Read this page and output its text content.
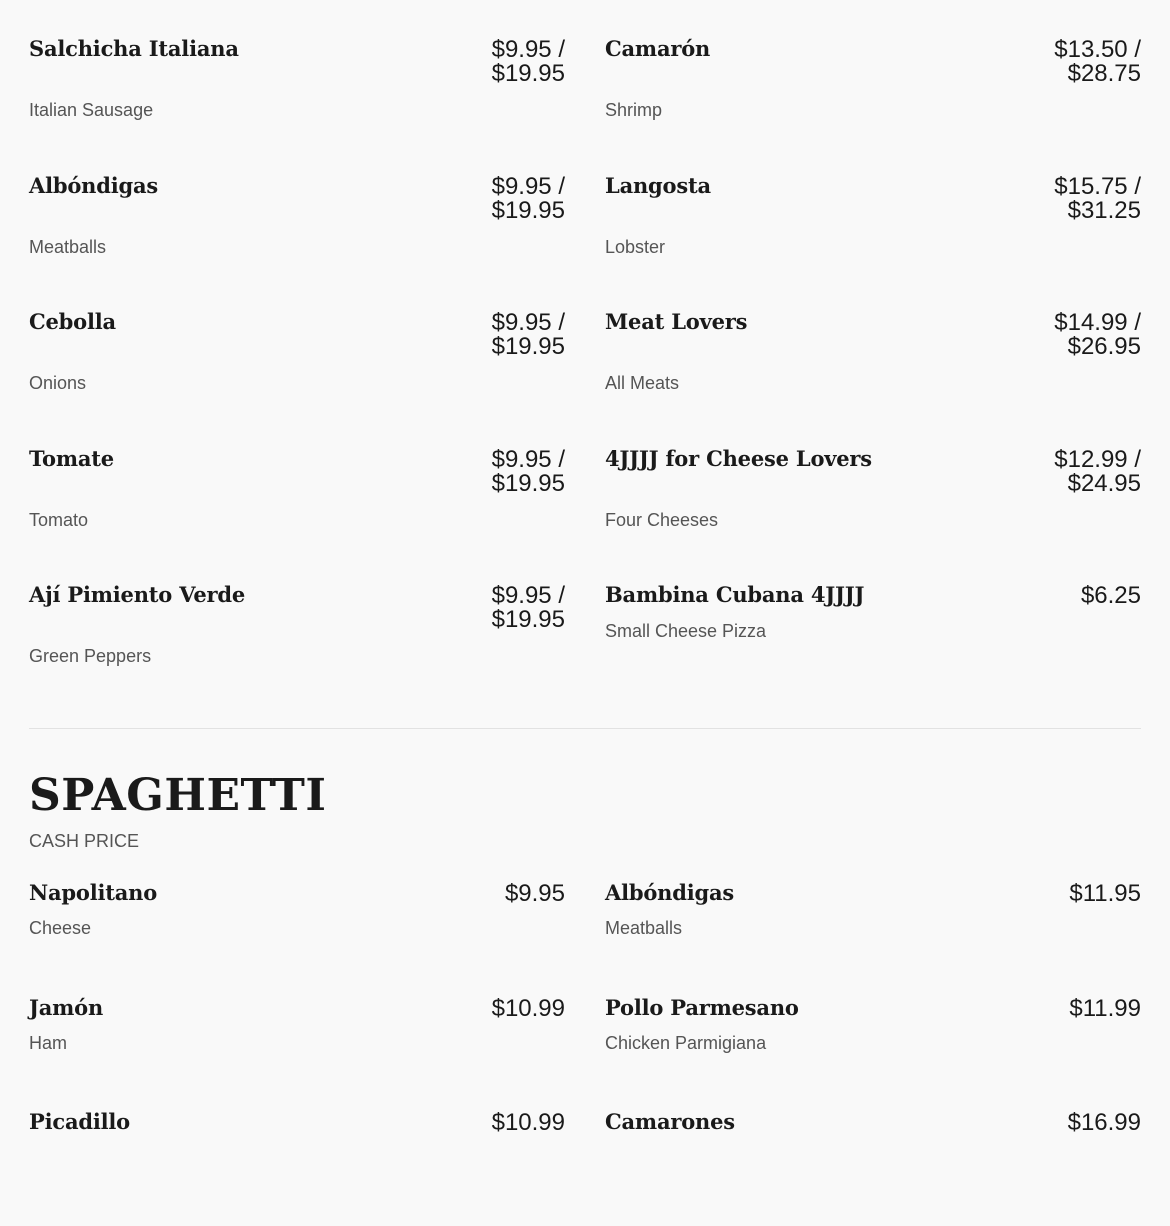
Salchicha Italiana	$9.95 /
$19.95
Italian Sausage
Camarón	$13.50 /
$28.75
Shrimp
Albóndigas	$9.95 /
$19.95
Meatballs
Langosta	$15.75 /
$31.25
Lobster
Cebolla	$9.95 /
$19.95
Onions
Meat Lovers	$14.99 /
$26.95
All Meats
Tomate	$9.95 /
$19.95
Tomato
4JJJJ for Cheese Lovers	$12.99 /
$24.95
Four Cheeses
Ají Pimiento Verde	$9.95 /
$19.95
Green Peppers
Bambina Cubana 4JJJJ	$6.25
Small Cheese Pizza
SPAGHETTI
CASH PRICE
Napolitano	$9.95
Cheese
Albóndigas	$11.95
Meatballs
Jamón	$10.99
Ham
Pollo Parmesano	$11.99
Chicken Parmigiana
Picadillo	$10.99 Camarones	$16.99
